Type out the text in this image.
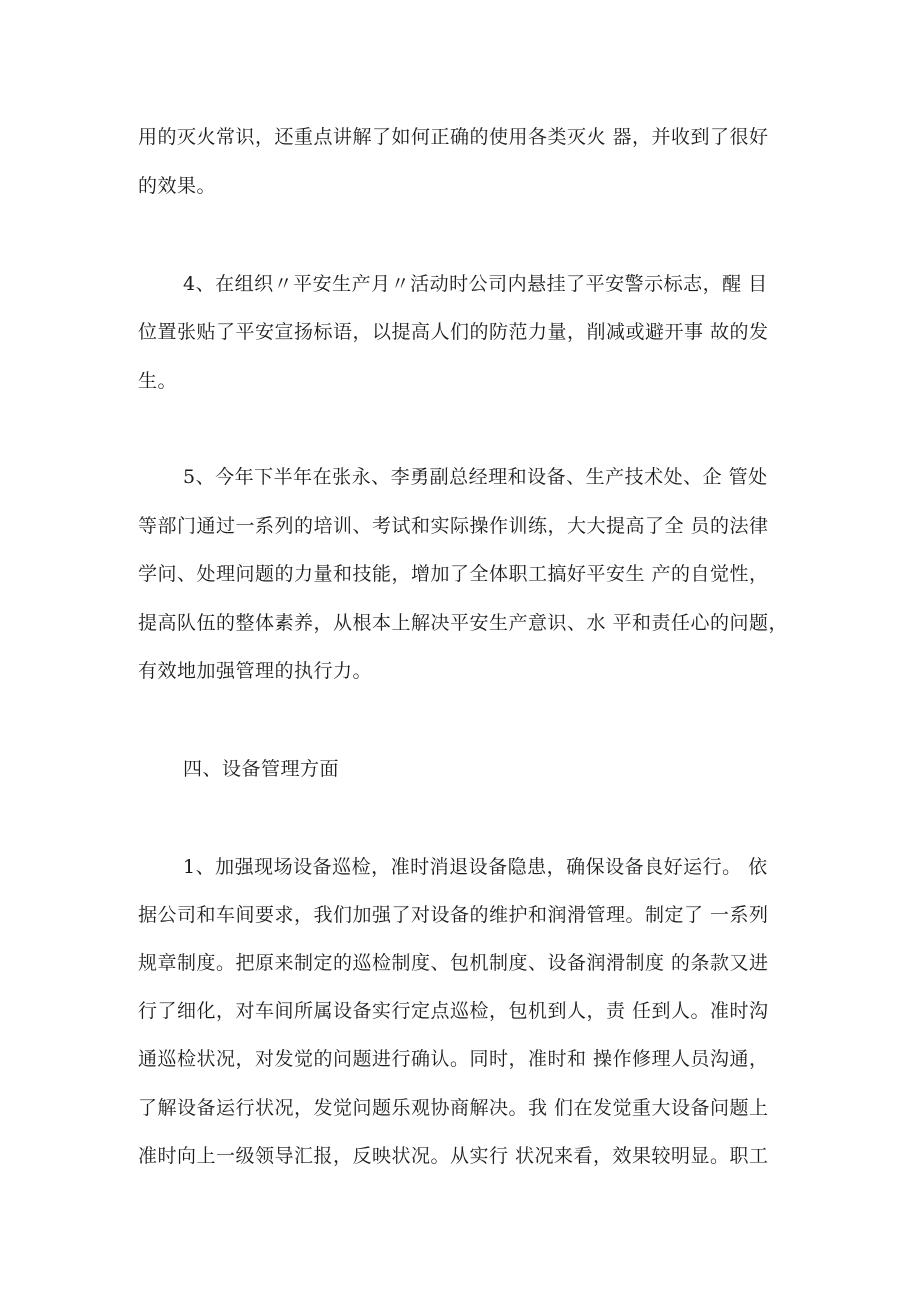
用的灭火常识，还重点讲解了如何正确的使用各类灭火 器，并收到了很好
的效果。
4、在组织〃平安生产月〃活动时公司内悬挂了平安警示标志，醒 目
位置张贴了平安宣扬标语，以提高人们的防范力量，削减或避开事 故的发
生。
5、今年下半年在张永、李勇副总经理和设备、生产技术处、企 管处
等部门通过一系列的培训、考试和实际操作训练，大大提高了全 员的法律
学问、处理问题的力量和技能，增加了全体职工搞好平安生 产的自觉性，
提高队伍的整体素养，从根本上解决平安生产意识、水 平和责任心的问题，
有效地加强管理的执行力。
四、设备管理方面
1、加强现场设备巡检，准时消退设备隐患，确保设备良好运行。 依
据公司和车间要求，我们加强了对设备的维护和润滑管理。制定了 一系列
规章制度。把原来制定的巡检制度、包机制度、设备润滑制度 的条款又进
行了细化，对车间所属设备实行定点巡检，包机到人，责 任到人。准时沟
通巡检状况，对发觉的问题进行确认。同时，准时和 操作修理人员沟通，
了解设备运行状况，发觉问题乐观协商解决。我 们在发觉重大设备问题上
准时向上一级领导汇报，反映状况。从实行 状况来看，效果较明显。职工
